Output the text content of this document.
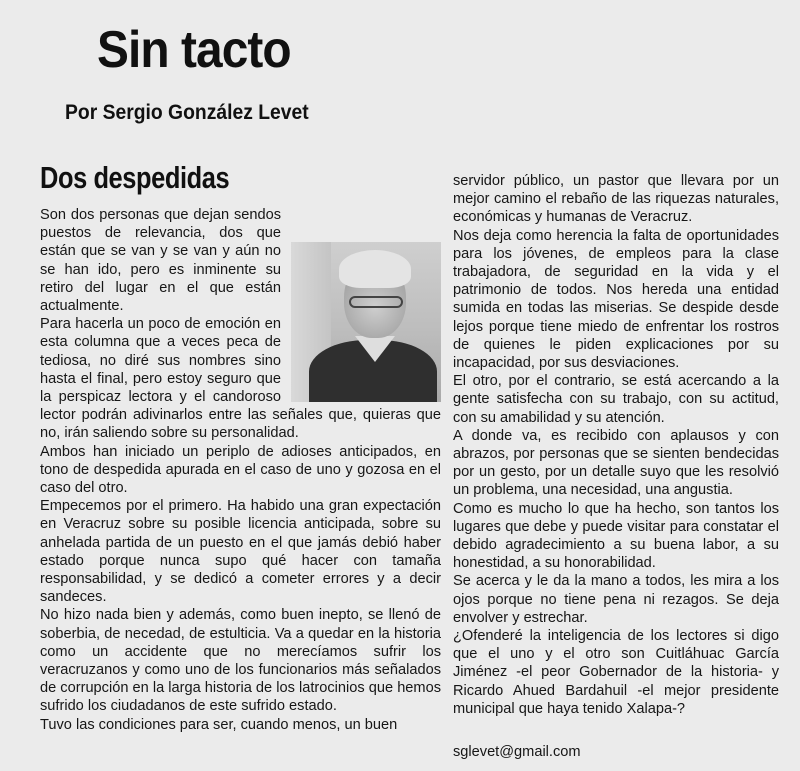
Sin tacto
Por Sergio González Levet
Dos despedidas

Son dos personas que dejan sendos puestos de relevancia, dos que están que se van y se van y aún no se han ido, pero es inminente su retiro del lugar en el que están actualmente.

Para hacerla un poco de emoción en esta columna que a veces peca de tediosa, no diré sus nombres sino hasta el final, pero estoy seguro que la perspicaz lectora y el candoroso lector podrán adivinarlos entre las señales que, quieras que no, irán saliendo sobre su personalidad.

Ambos han iniciado un periplo de adioses anticipados, en tono de despedida apurada en el caso de uno y gozosa en el caso del otro.

Empecemos por el primero. Ha habido una gran expectación en Veracruz sobre su posible licencia anticipada, sobre su anhelada partida de un puesto en el que jamás debió haber estado porque nunca supo qué hacer con tamaña responsabilidad, y se dedicó a cometer errores y a decir sandeces.

No hizo nada bien y además, como buen inepto, se llenó de soberbia, de necedad, de estulticia. Va a quedar en la historia como un accidente que no merecíamos sufrir los veracruzanos y como uno de los funcionarios más señalados de corrupción en la larga historia de los latrocinios que hemos sufrido los ciudadanos de este sufrido estado.

Tuvo las condiciones para ser, cuando menos, un buen

servidor público, un pastor que llevara por un mejor camino el rebaño de las riquezas naturales, económicas y humanas de Veracruz.

Nos deja como herencia la falta de oportunidades para los jóvenes, de empleos para la clase trabajadora, de seguridad en la vida y el patrimonio de todos. Nos hereda una entidad sumida en todas las miserias. Se despide desde lejos porque tiene miedo de enfrentar los rostros de quienes le piden explicaciones por su incapacidad, por sus desviaciones.

El otro, por el contrario, se está acercando a la gente satisfecha con su trabajo, con su actitud, con su amabilidad y su atención.

A donde va, es recibido con aplausos y con abrazos, por personas que se sienten bendecidas por un gesto, por un detalle suyo que les resolvió un problema, una necesidad, una angustia.

Como es mucho lo que ha hecho, son tantos los lugares que debe y puede visitar para constatar el debido agradecimiento a su buena labor, a su honestidad, a su honorabilidad.

Se acerca y le da la mano a todos, les mira a los ojos porque no tiene pena ni rezagos. Se deja envolver y estrechar.

¿Ofenderé la inteligencia de los lectores si digo que el uno y el otro son Cuitláhuac García Jiménez -el peor Gobernador de la historia- y Ricardo Ahued Bardahuil -el mejor presidente municipal que haya tenido Xalapa-?

sglevet@gmail.com
